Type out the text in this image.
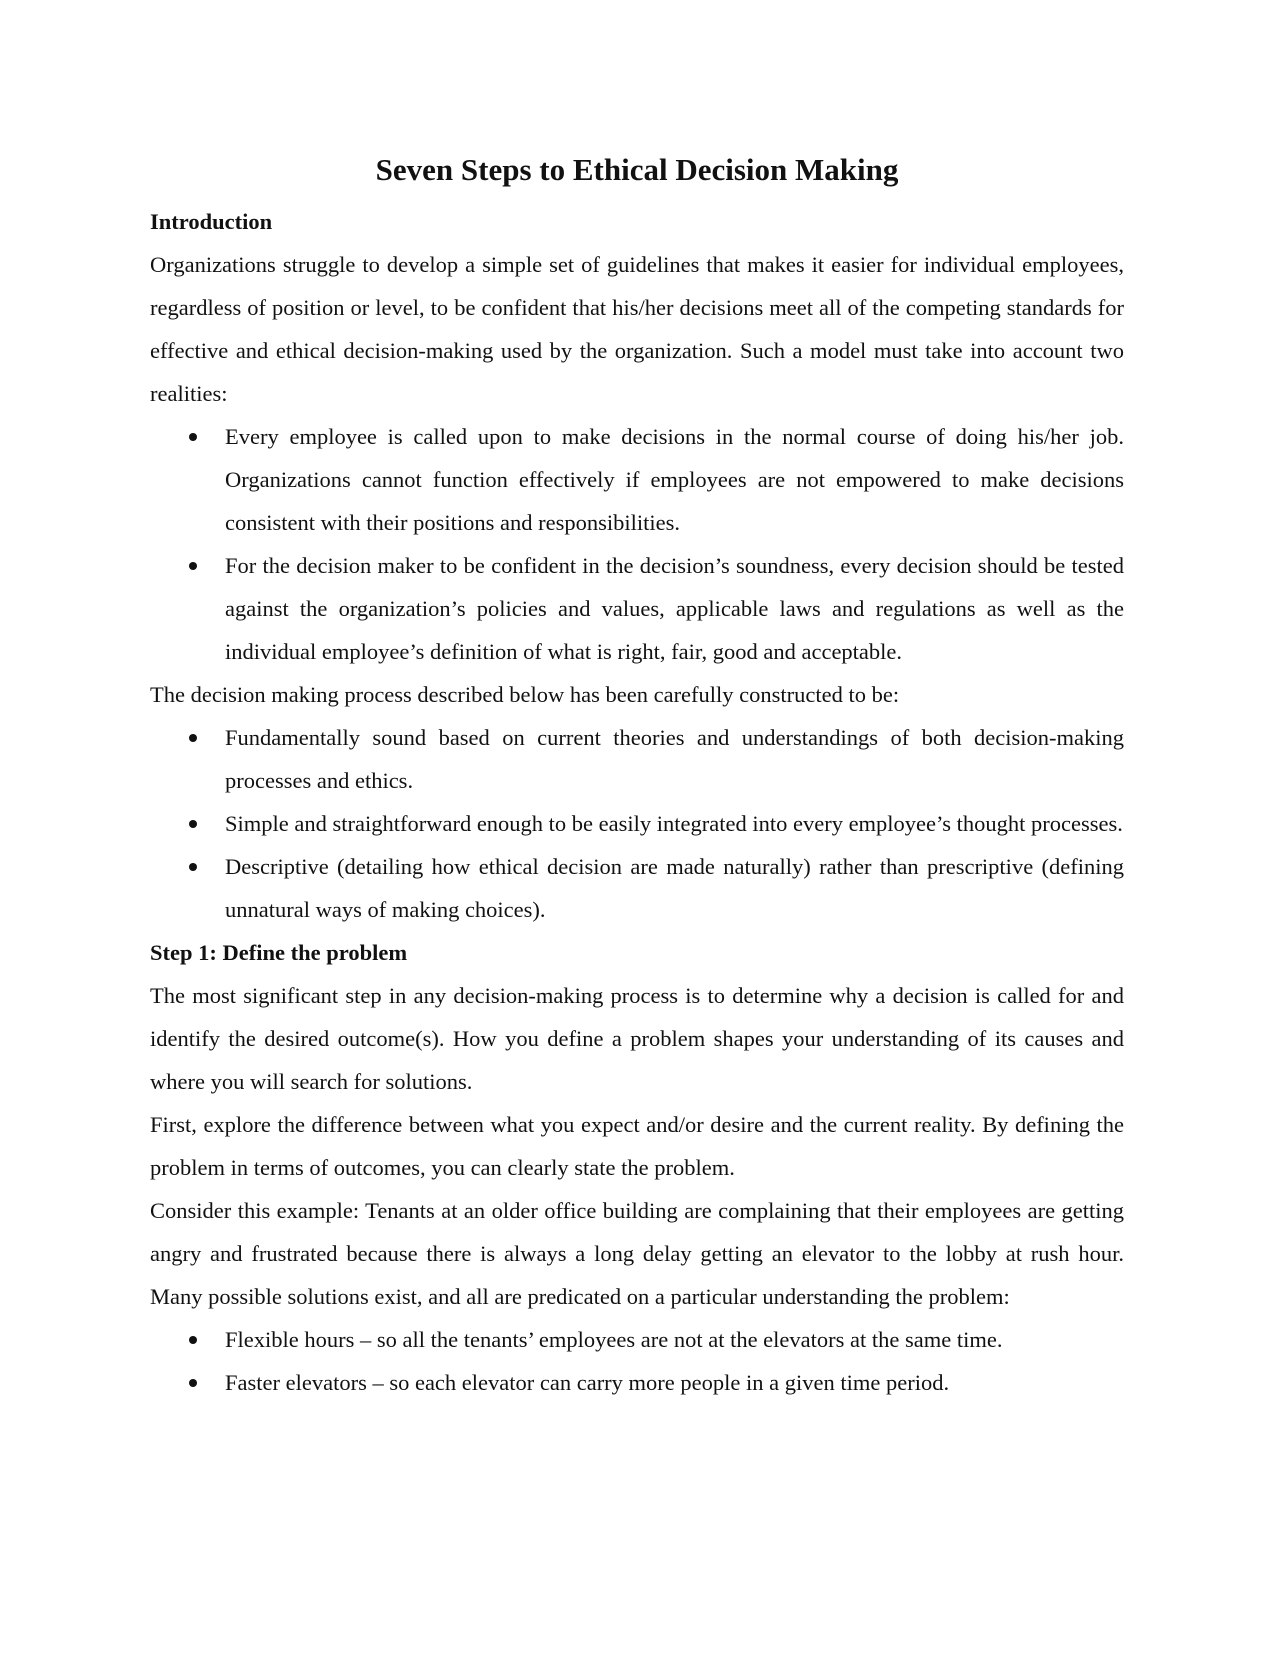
Seven Steps to Ethical Decision Making
Introduction

Organizations struggle to develop a simple set of guidelines that makes it easier for individual employees, regardless of position or level, to be confident that his/her decisions meet all of the competing standards for effective and ethical decision-making used by the organization. Such a model must take into account two realities:

Every employee is called upon to make decisions in the normal course of doing his/her job. Organizations cannot function effectively if employees are not empowered to make decisions consistent with their positions and responsibilities.
For the decision maker to be confident in the decision’s soundness, every decision should be tested against the organization’s policies and values, applicable laws and regulations as well as the individual employee’s definition of what is right, fair, good and acceptable.

The decision making process described below has been carefully constructed to be:

Fundamentally sound based on current theories and understandings of both decision-making processes and ethics.
Simple and straightforward enough to be easily integrated into every employee’s thought processes.
Descriptive (detailing how ethical decision are made naturally) rather than prescriptive (defining unnatural ways of making choices).
Step 1: Define the problem

The most significant step in any decision-making process is to determine why a decision is called for and identify the desired outcome(s). How you define a problem shapes your understanding of its causes and where you will search for solutions.

First, explore the difference between what you expect and/or desire and the current reality. By defining the problem in terms of outcomes, you can clearly state the problem.

Consider this example: Tenants at an older office building are complaining that their employees are getting angry and frustrated because there is always a long delay getting an elevator to the lobby at rush hour. Many possible solutions exist, and all are predicated on a particular understanding the problem:

Flexible hours – so all the tenants’ employees are not at the elevators at the same time.
Faster elevators – so each elevator can carry more people in a given time period.
